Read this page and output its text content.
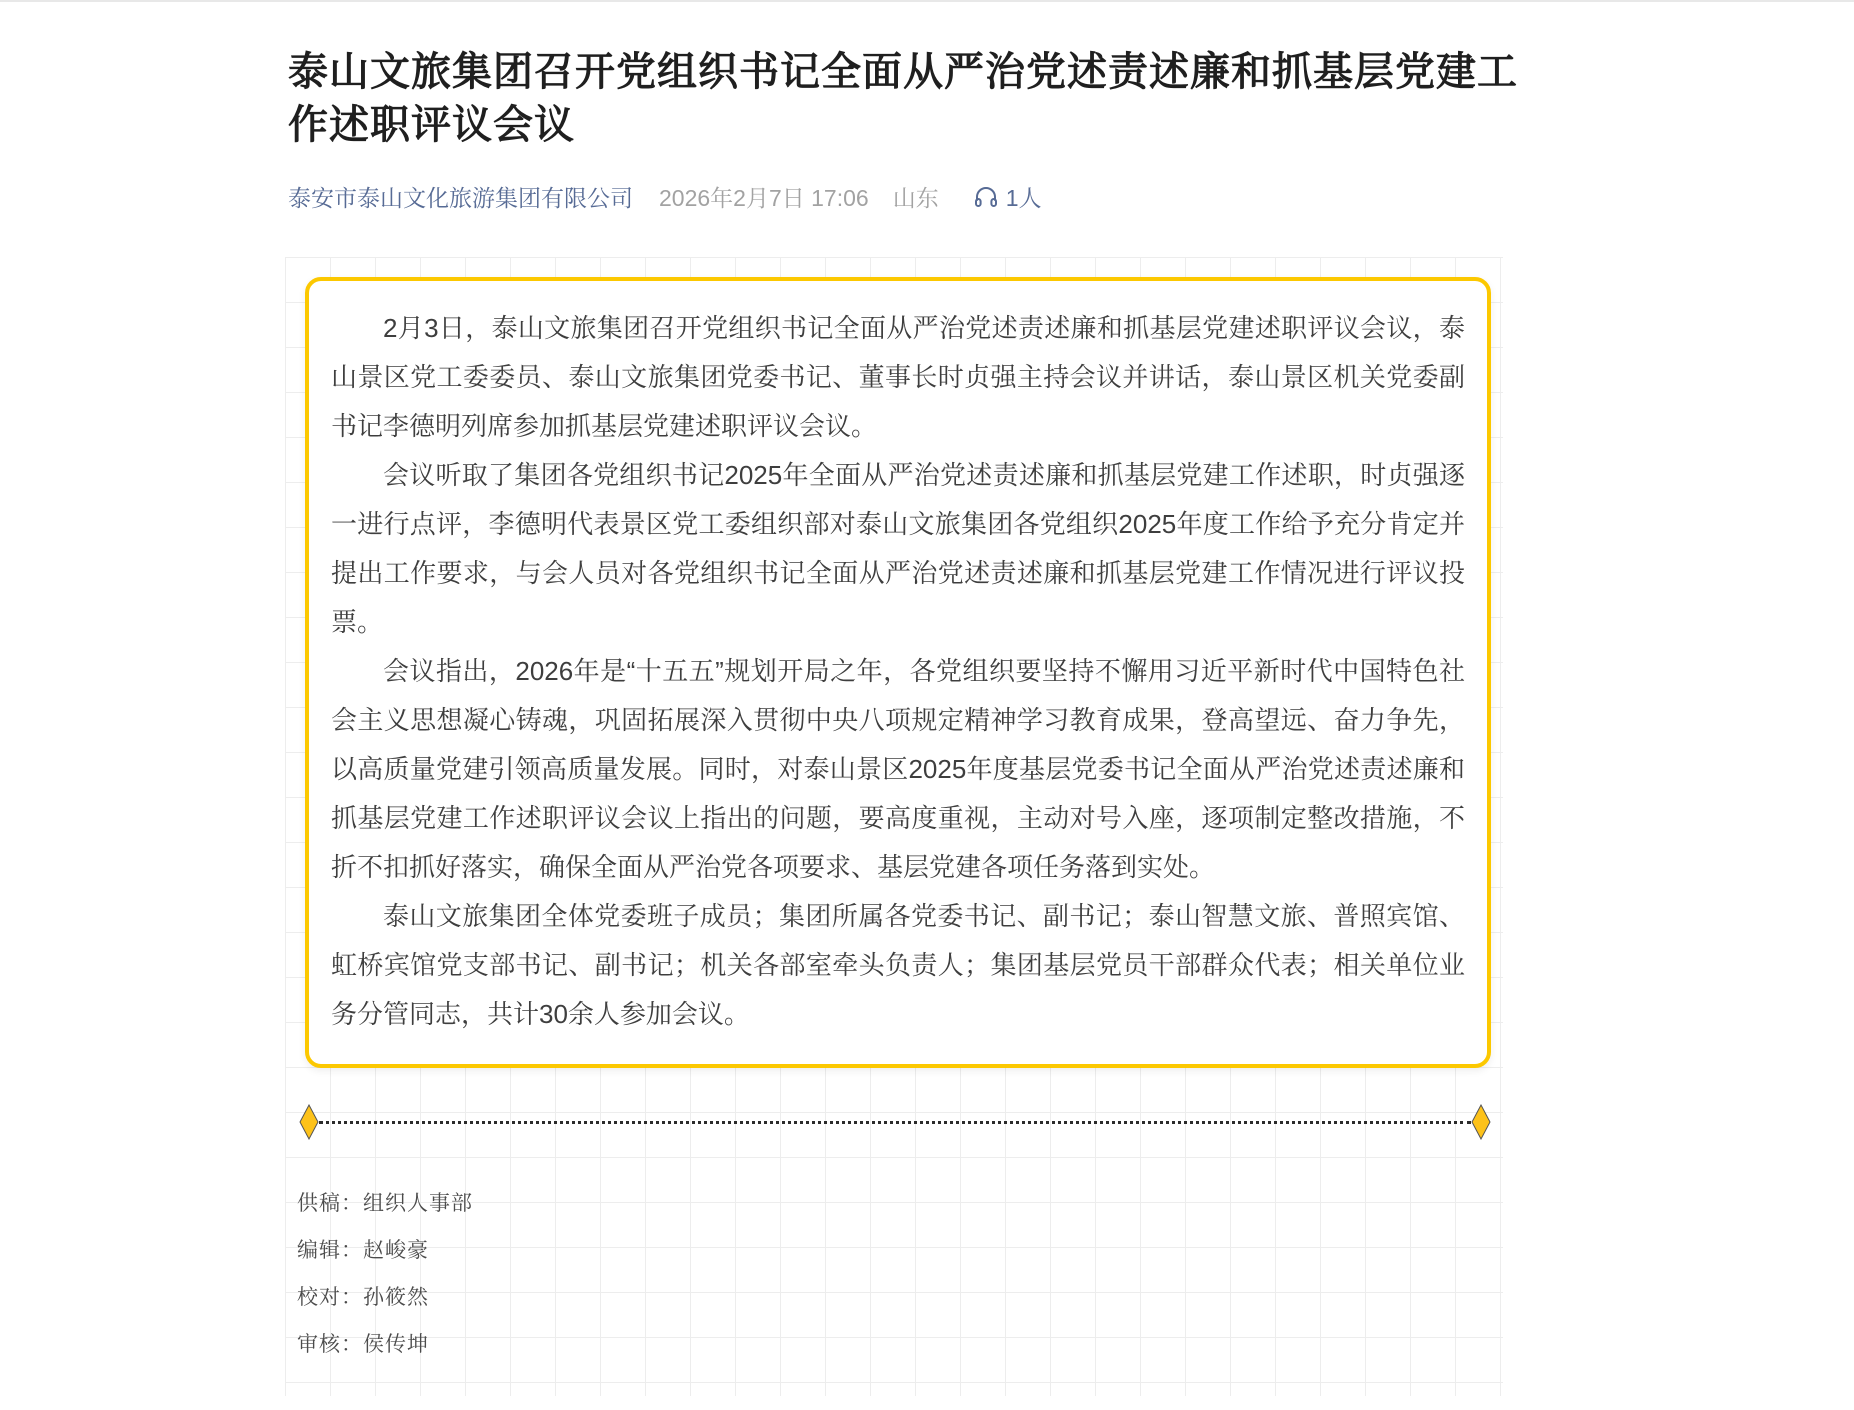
泰山文旅集团召开党组织书记全面从严治党述责述廉和抓基层党建工作述职评议会议
泰安市泰山文化旅游集团有限公司 2026年2月7日 17:06 山东	1人

2月3日，泰山文旅集团召开党组织书记全面从严治党述责述廉和抓基层党建述职评议会议，泰山景区党工委委员、泰山文旅集团党委书记、董事长时贞强主持会议并讲话，泰山景区机关党委副书记李德明列席参加抓基层党建述职评议会议。

会议听取了集团各党组织书记2025年全面从严治党述责述廉和抓基层党建工作述职，时贞强逐一进行点评，李德明代表景区党工委组织部对泰山文旅集团各党组织2025年度工作给予充分肯定并提出工作要求，与会人员对各党组织书记全面从严治党述责述廉和抓基层党建工作情况进行评议投票。

会议指出，2026年是“十五五”规划开局之年，各党组织要坚持不懈用习近平新时代中国特色社会主义思想凝心铸魂，巩固拓展深入贯彻中央八项规定精神学习教育成果，登高望远、奋力争先，以高质量党建引领高质量发展。同时，对泰山景区2025年度基层党委书记全面从严治党述责述廉和抓基层党建工作述职评议会议上指出的问题，要高度重视，主动对号入座，逐项制定整改措施，不折不扣抓好落实，确保全面从严治党各项要求、基层党建各项任务落到实处。

泰山文旅集团全体党委班子成员；集团所属各党委书记、副书记；泰山智慧文旅、普照宾馆、虹桥宾馆党支部书记、副书记；机关各部室牵头负责人；集团基层党员干部群众代表；相关单位业务分管同志，共计30余人参加会议。

供稿：组织人事部
编辑：赵峻豪
校对：孙筱然
审核：侯传坤
